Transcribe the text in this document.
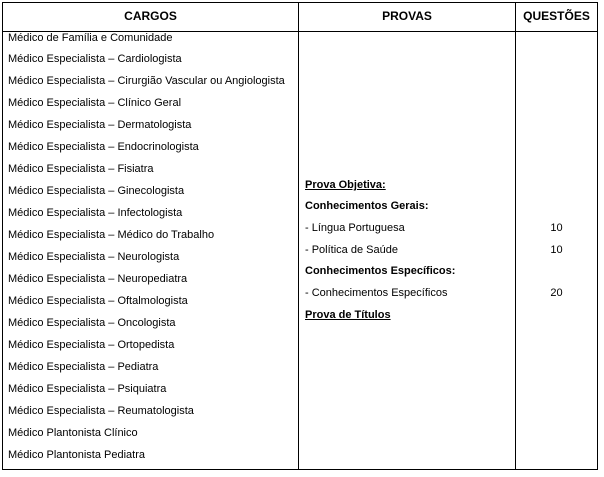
CARGOS	PROVAS	QUESTÕES
Médico de Família e Comunidade
Médico Especialista – Cardiologista
Médico Especialista – Cirurgião Vascular ou Angiologista
Médico Especialista – Clínico Geral
Médico Especialista – Dermatologista
Médico Especialista – Endocrinologista
Médico Especialista – Fisiatra
Médico Especialista – Ginecologista
Médico Especialista – Infectologista
Médico Especialista – Médico do Trabalho
Médico Especialista – Neurologista
Médico Especialista – Neuropediatra
Médico Especialista – Oftalmologista
Médico Especialista – Oncologista
Médico Especialista – Ortopedista
Médico Especialista – Pediatra
Médico Especialista – Psiquiatra
Médico Especialista – Reumatologista
Médico Plantonista Clínico
Médico Plantonista Pediatra
Prova Objetiva:
Conhecimentos Gerais:
- Língua Portuguesa
- Política de Saúde
Conhecimentos Específicos:
- Conhecimentos Específicos
Prova de Títulos
10
10
20
